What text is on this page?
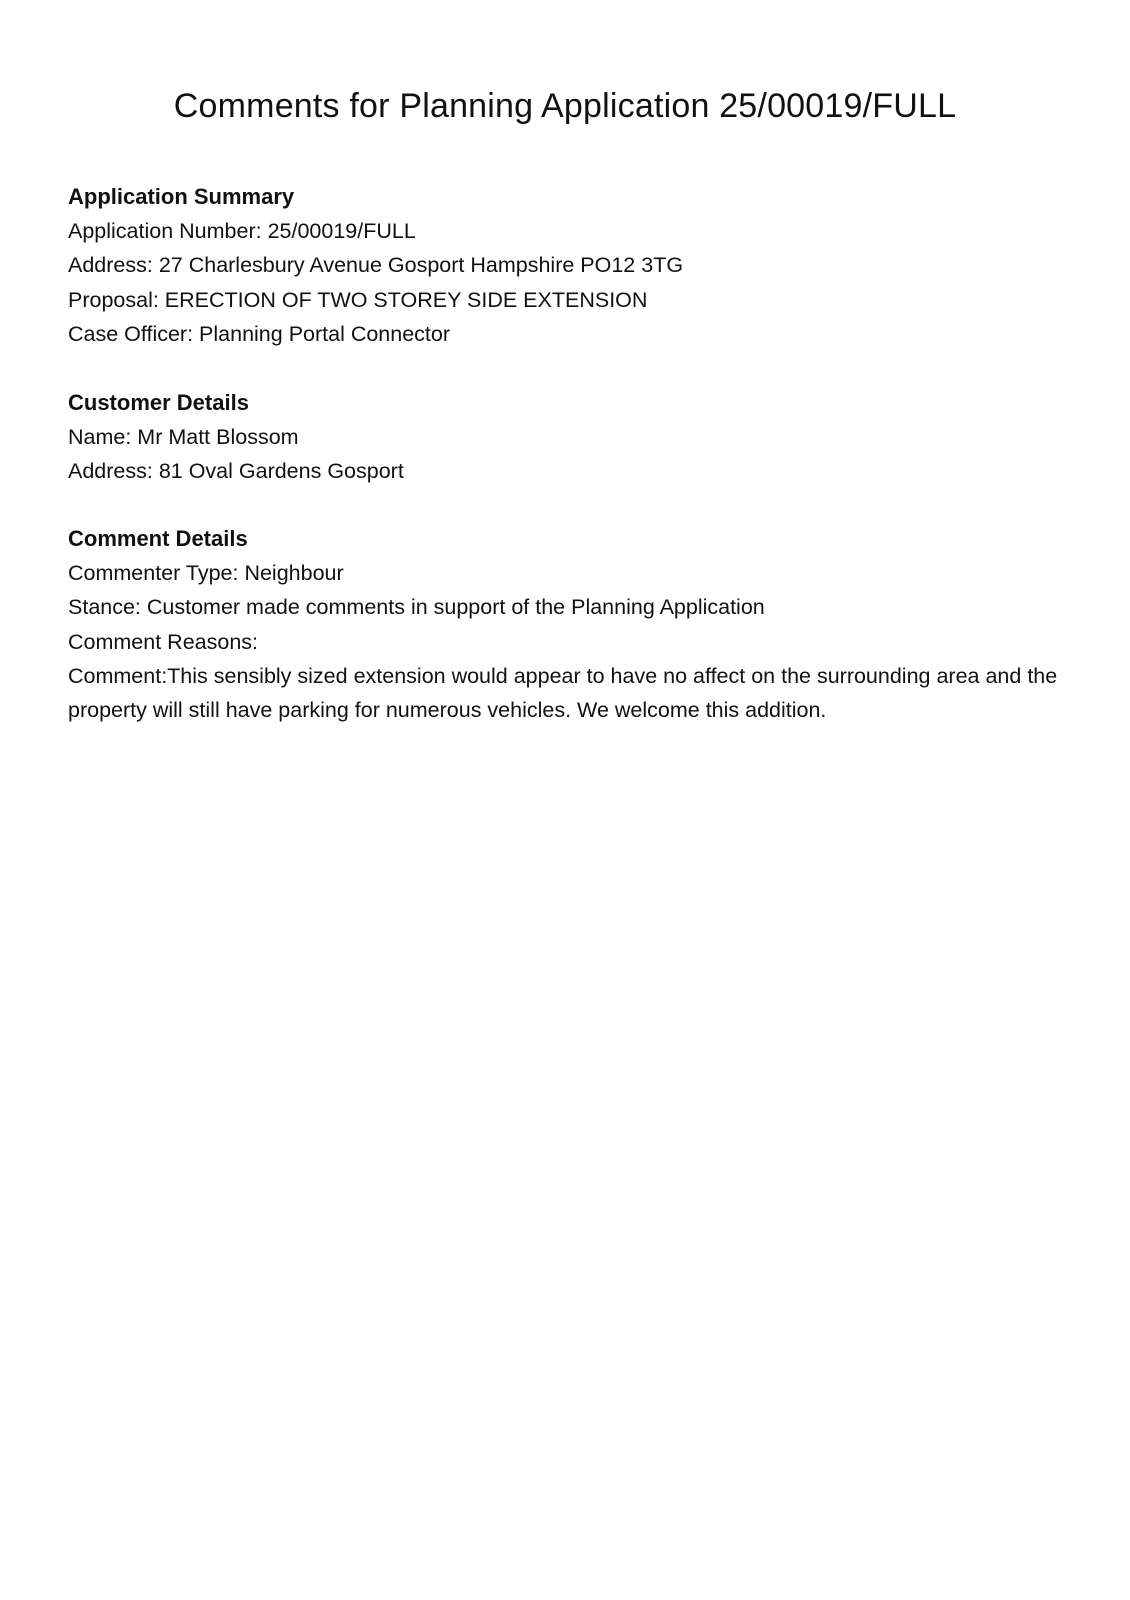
Comments for Planning Application 25/00019/FULL

Application Summary

Application Number: 25/00019/FULL

Address: 27 Charlesbury Avenue Gosport Hampshire PO12 3TG

Proposal: ERECTION OF TWO STOREY SIDE EXTENSION

Case Officer: Planning Portal Connector

Customer Details

Name: Mr Matt Blossom

Address: 81 Oval Gardens Gosport

Comment Details

Commenter Type: Neighbour

Stance: Customer made comments in support of the Planning Application

Comment Reasons:

Comment:This sensibly sized extension would appear to have no affect on the surrounding area and the property will still have parking for numerous vehicles. We welcome this addition.
